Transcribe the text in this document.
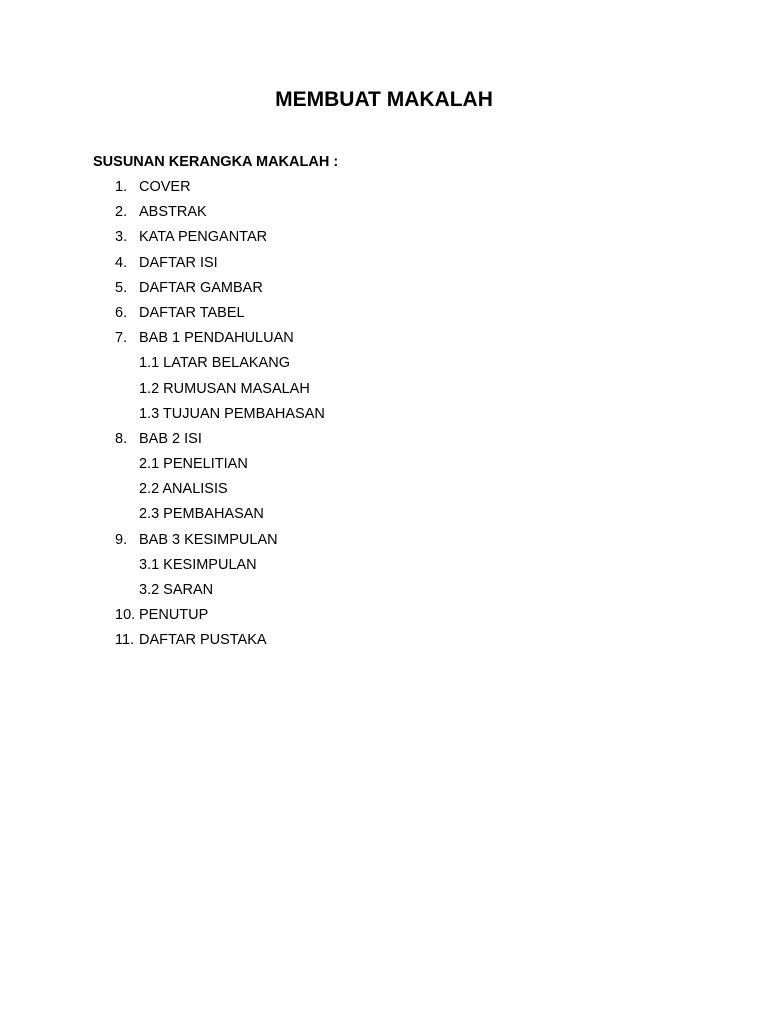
MEMBUAT MAKALAH

SUSUNAN KERANGKA MAKALAH :

1. COVER
2. ABSTRAK
3. KATA PENGANTAR
4. DAFTAR ISI
5. DAFTAR GAMBAR
6. DAFTAR TABEL
7. BAB 1 PENDAHULUAN
1.1 LATAR BELAKANG
1.2 RUMUSAN MASALAH
1.3 TUJUAN PEMBAHASAN
8. BAB 2 ISI
2.1 PENELITIAN
2.2 ANALISIS
2.3 PEMBAHASAN
9. BAB 3 KESIMPULAN
3.1 KESIMPULAN
3.2 SARAN
10. PENUTUP
11. DAFTAR PUSTAKA
